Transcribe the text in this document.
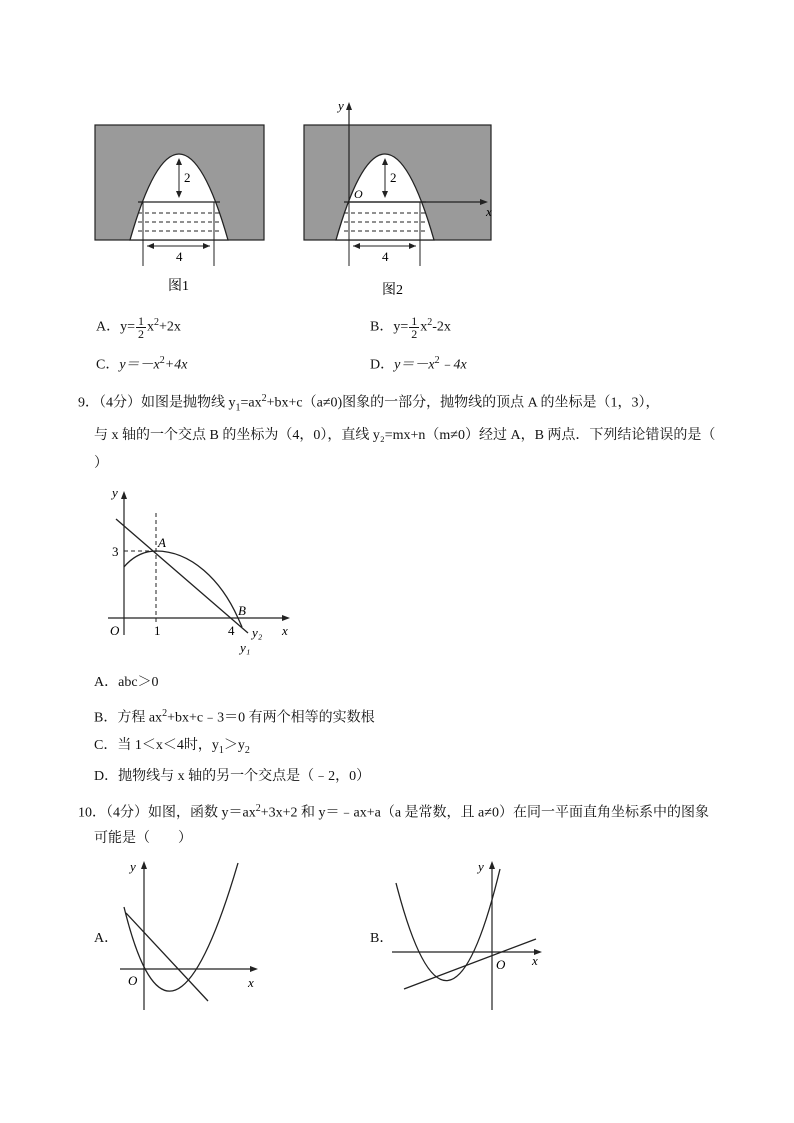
2
4
图1
y
x
O
2
4
图2
A．$y= \frac{1}{2} x^2+2x$	B．$y= \frac{1}{2} x^2-2x$
C．$y=-x^2+4x$	D．$y=-x^2﹣4x$
9．（4分）如图是抛物线 $y_1=ax^2+bx+c(a\ne 0)$图象的一部分，抛物线的顶点 A 的坐标是（1，3），
与 x 轴的一个交点 B 的坐标为（4，0），直线 y₂=mx+n（m≠0）经过 A，B 两点．下列结论错误的是（
）
y
x
O
3
1	4
A
B
y₂
y₁
A．abc＞0
B．方程 $ax^2+bx+c﹣3=0$ 有两个相等的实数根
C．当 1＜x＜4时，$y_1>y_2$
D．抛物线与 x 轴的另一个交点是（﹣2，0）
10．（4分）如图，函数 $y=ax^2+3x+2$ 和 y＝﹣ax+a（a 是常数，且 a≠0）在同一平面直角坐标系中的图象
可能是（　　）
A．
y
x
O
B．
y
x
O
